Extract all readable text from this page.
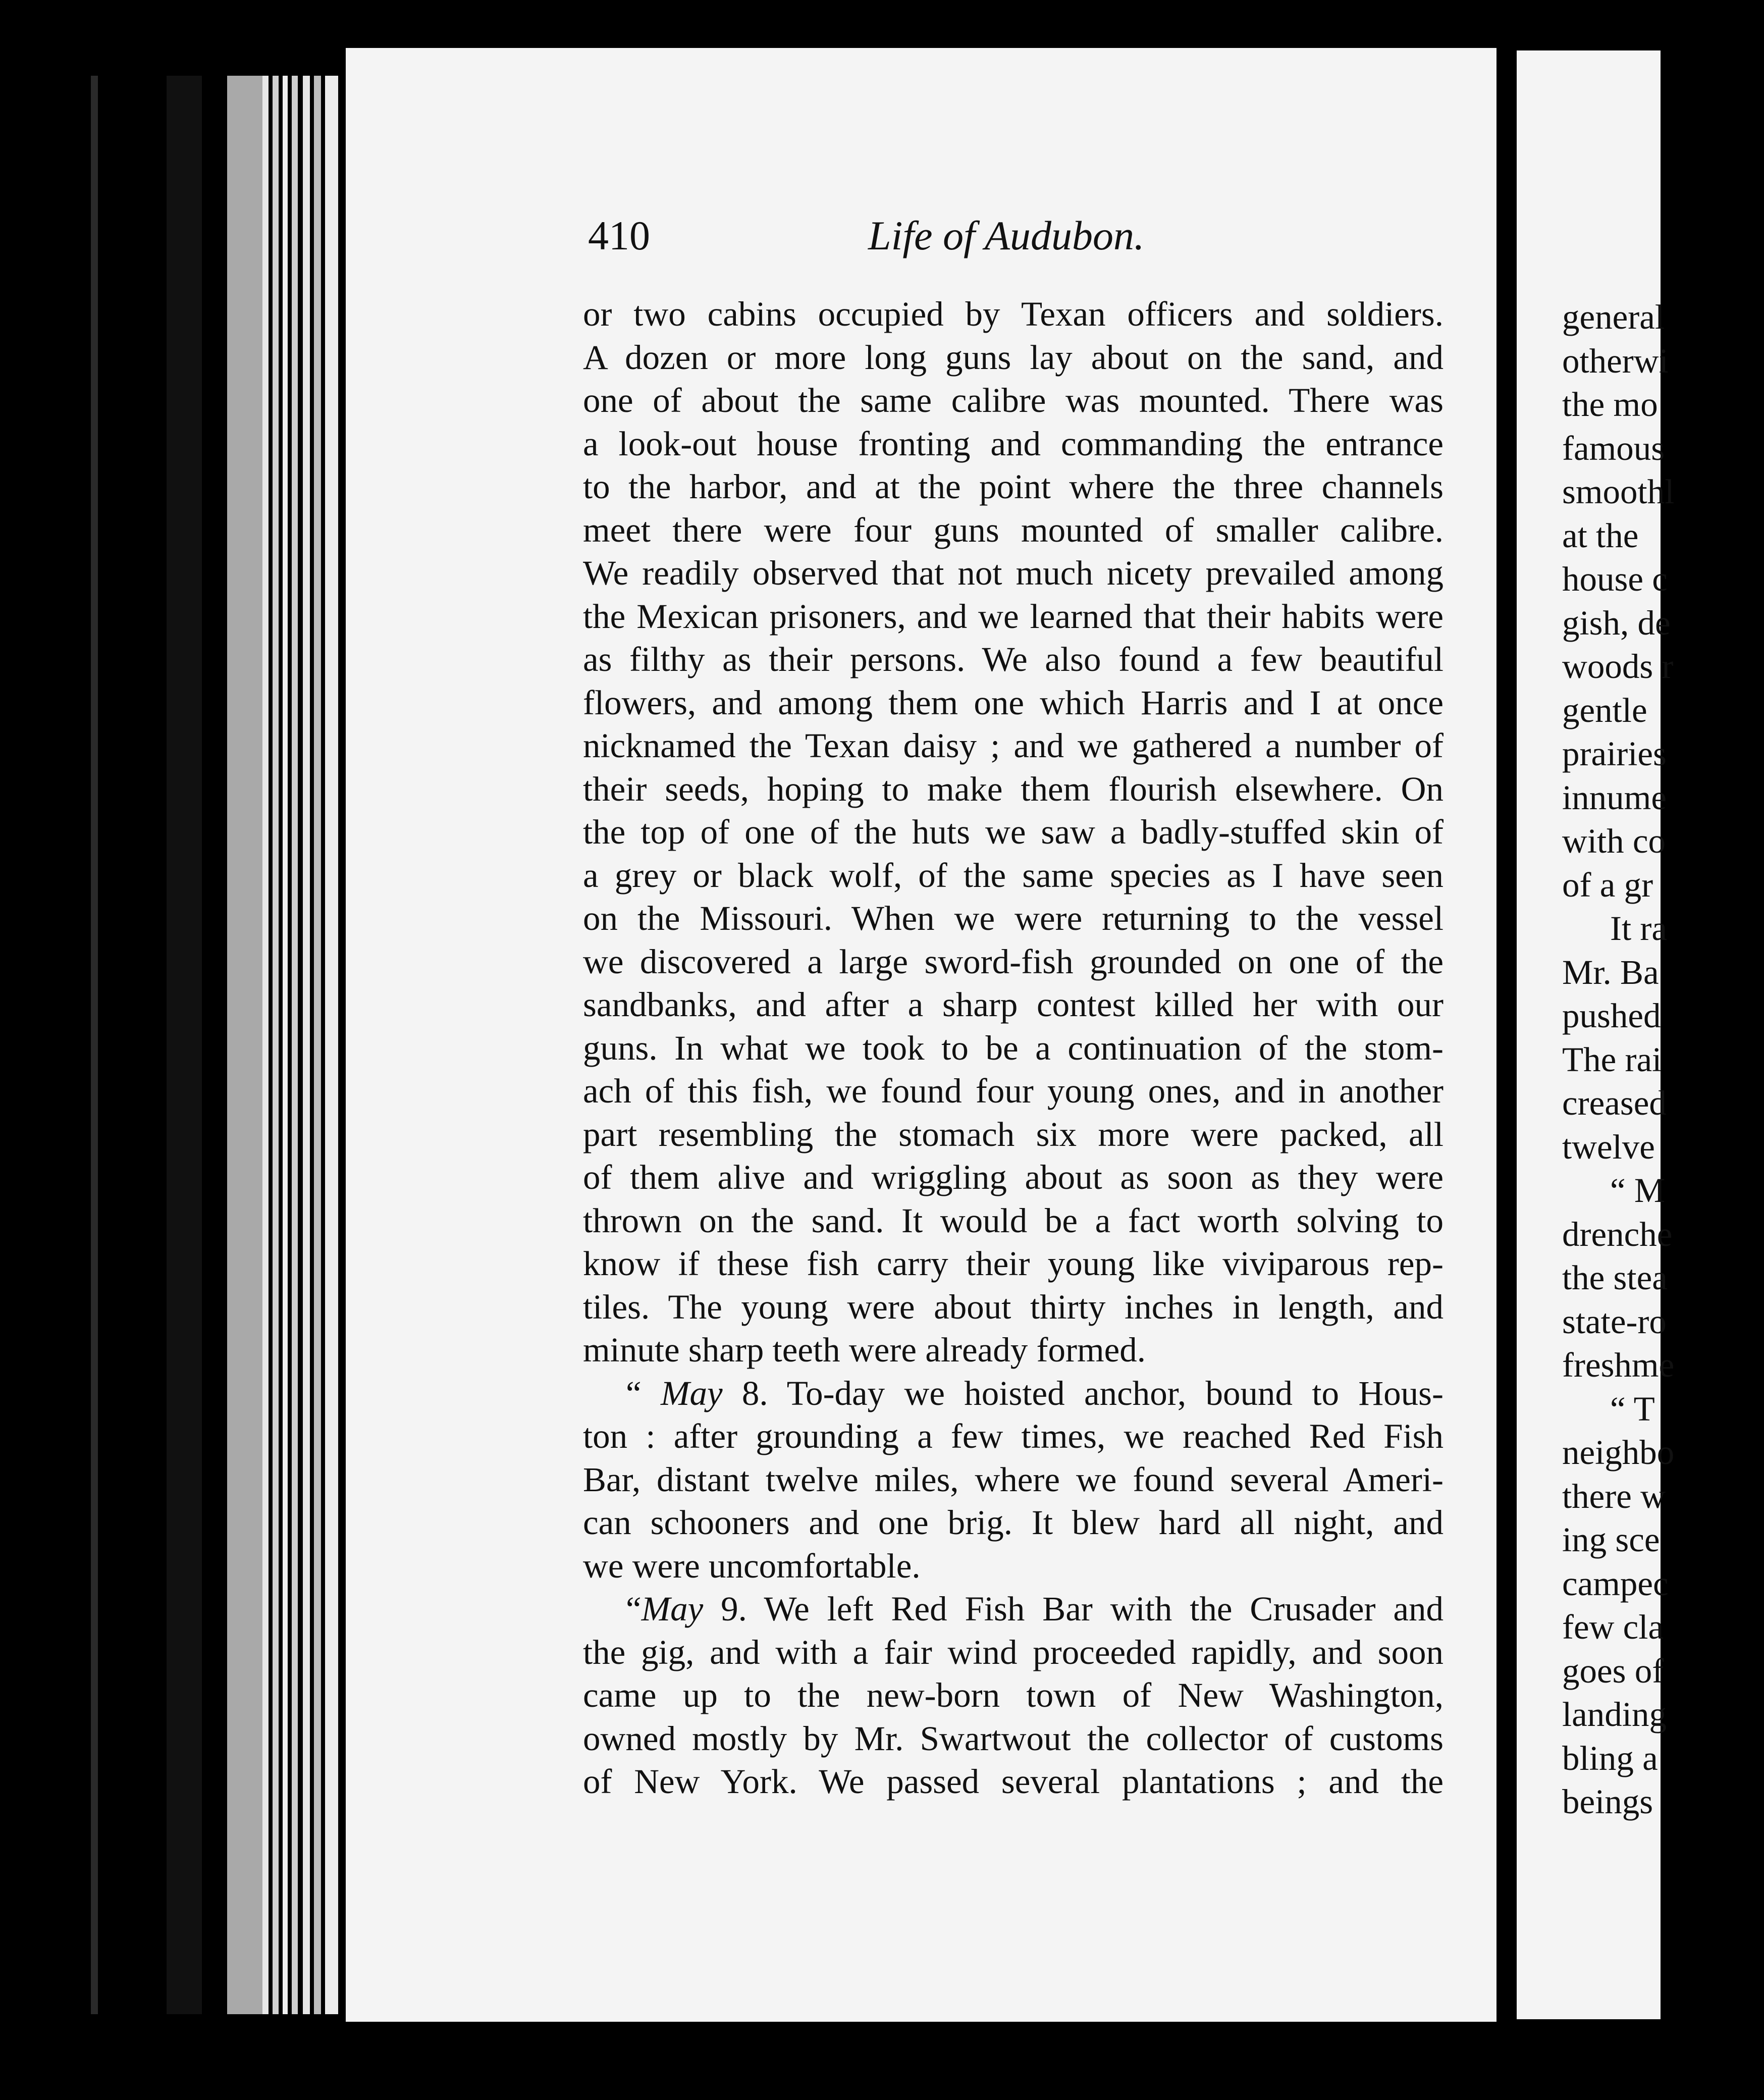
410	Life of Audubon.
or two cabins occupied by Texan officers and soldiers.
A dozen or more long guns lay about on the sand, and
one of about the same calibre was mounted. There was
a look-out house fronting and commanding the entrance
to the harbor, and at the point where the three channels
meet there were four guns mounted of smaller calibre.
We readily observed that not much nicety prevailed among
the Mexican prisoners, and we learned that their habits were
as filthy as their persons. We also found a few beautiful
flowers, and among them one which Harris and I at once
nicknamed the Texan daisy ; and we gathered a number of
their seeds, hoping to make them flourish elsewhere. On
the top of one of the huts we saw a badly-stuffed skin of
a grey or black wolf, of the same species as I have seen
on the Missouri. When we were returning to the vessel
we discovered a large sword-fish grounded on one of the
sandbanks, and after a sharp contest killed her with our
guns. In what we took to be a continuation of the stom-
ach of this fish, we found four young ones, and in another
part resembling the stomach six more were packed, all
of them alive and wriggling about as soon as they were
thrown on the sand. It would be a fact worth solving to
know if these fish carry their young like viviparous rep-
tiles. The young were about thirty inches in length, and
minute sharp teeth were already formed.
“ May 8. To-day we hoisted anchor, bound to Hous-
ton : after grounding a few times, we reached Red Fish
Bar, distant twelve miles, where we found several Ameri-
can schooners and one brig. It blew hard all night, and
we were uncomfortable.
“May 9. We left Red Fish Bar with the Crusader and
the gig, and with a fair wind proceeded rapidly, and soon
came up to the new-born town of New Washington,
owned mostly by Mr. Swartwout the collector of customs
of New York. We passed several plantations ; and the
general
otherwi
the mo
famous
smoothl
at the
house c
gish, de
woods r
gentle
prairies
innume
with co
of a gr
It ra
Mr. Ba
pushed
The rai
creased
twelve
“ M
drenche
the stea
state-ro
freshme
“ T
neighbo
there w
ing sce
campec
few cla
goes of
landing
bling a
beings
